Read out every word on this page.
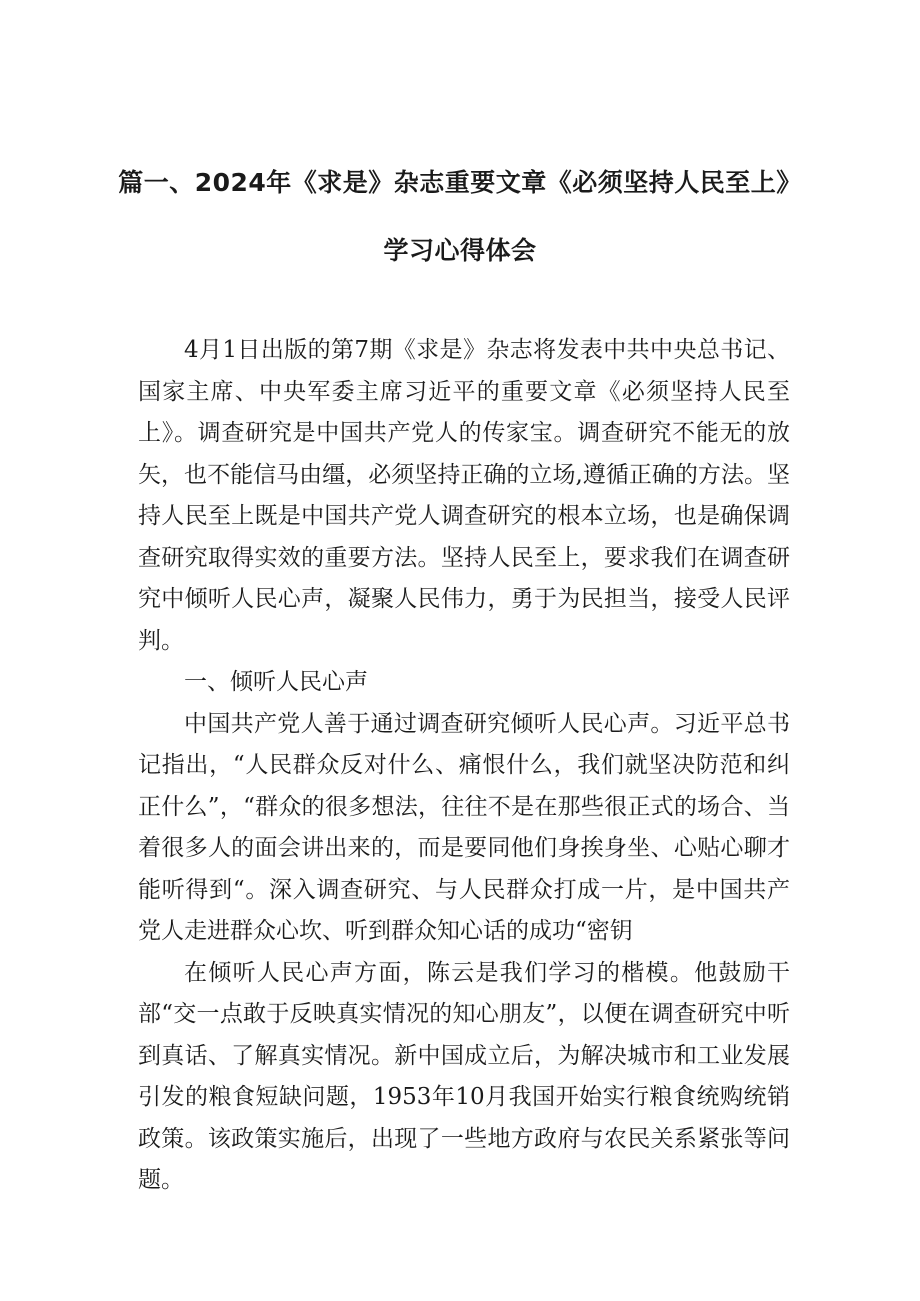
篇一、2024年《求是》杂志重要文章《必须坚持人民至上》
学习心得体会

4月1日出版的第7期《求是》杂志将发表中共中央总书记、国家主席、中央军委主席习近平的重要文章《必须坚持人民至上》。调查研究是中国共产党人的传家宝。调查研究不能无的放矢，也不能信马由缰，必须坚持正确的立场,遵循正确的方法。坚持人民至上既是中国共产党人调查研究的根本立场，也是确保调查研究取得实效的重要方法。坚持人民至上，要求我们在调查研究中倾听人民心声，凝聚人民伟力，勇于为民担当，接受人民评判。

一、倾听人民心声

中国共产党人善于通过调查研究倾听人民心声。习近平总书记指出，“人民群众反对什么、痛恨什么，我们就坚决防范和纠正什么”，“群众的很多想法，往往不是在那些很正式的场合、当着很多人的面会讲出来的，而是要同他们身挨身坐、心贴心聊才能听得到“。深入调查研究、与人民群众打成一片，是中国共产党人走进群众心坎、听到群众知心话的成功“密钥

在倾听人民心声方面，陈云是我们学习的楷模。他鼓励干部“交一点敢于反映真实情况的知心朋友”，以便在调查研究中听到真话、了解真实情况。新中国成立后，为解决城市和工业发展引发的粮食短缺问题，1953年10月我国开始实行粮食统购统销政策。该政策实施后，出现了一些地方政府与农民关系紧张等问题。
